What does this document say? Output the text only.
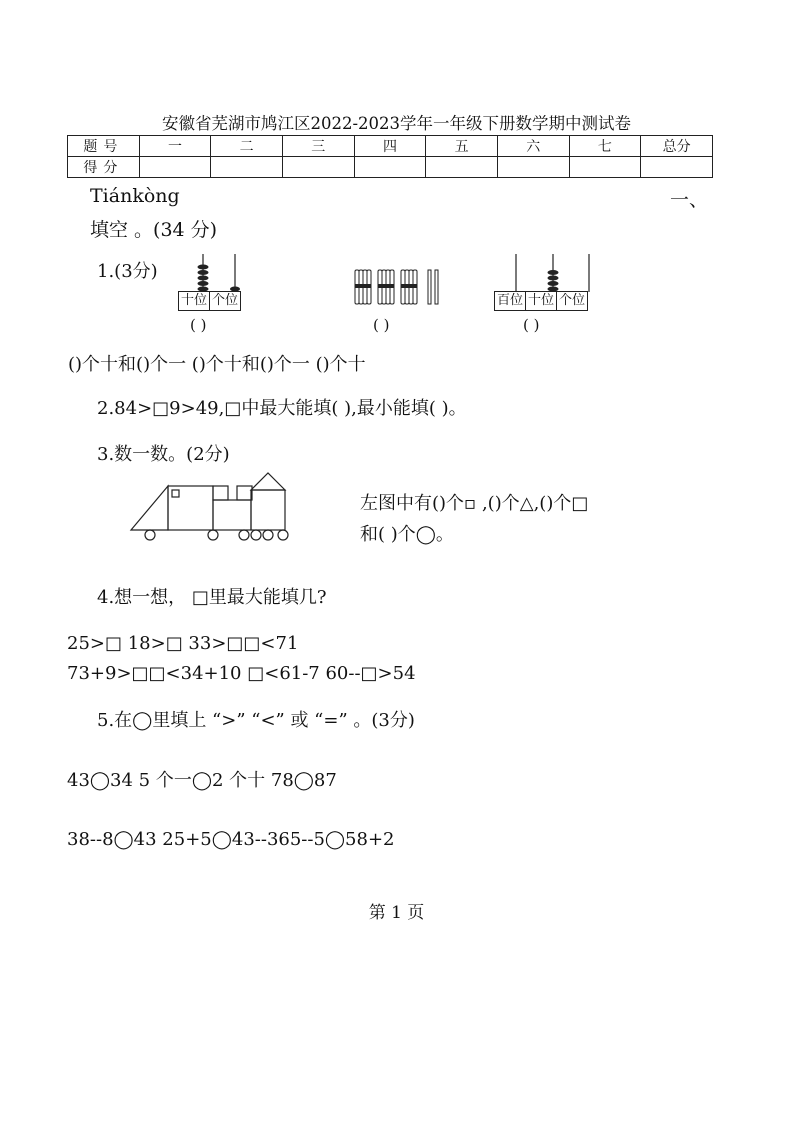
安徽省芜湖市鸠江区2022-2023学年一年级下册数学期中测试卷
题号	一	二	三	四	五	六	七	总分
得分								
Tiánkòng	一、
填空 。(34 分)
1.(3分)
十位 个位
( )	( )
百位 十位 个位
( )
()个十和()个一 ()个十和()个一 ()个十
2.84>□9>49,□中最大能填( ),最小能填( )。
3.数一数。(2分)
左图中有()个▫ ,()个△,()个□
和( )个◯。
4.想一想， □里最大能填几?
25>□ 18>□ 33>□□<71
73+9>□□<34+10 □<61-7 60--□>54
5.在◯里填上 “>” “<” 或 “=” 。(3分)
43◯34 5 个一◯2 个十 78◯87
38--8◯43 25+5◯43--365--5◯58+2
第 1 页
